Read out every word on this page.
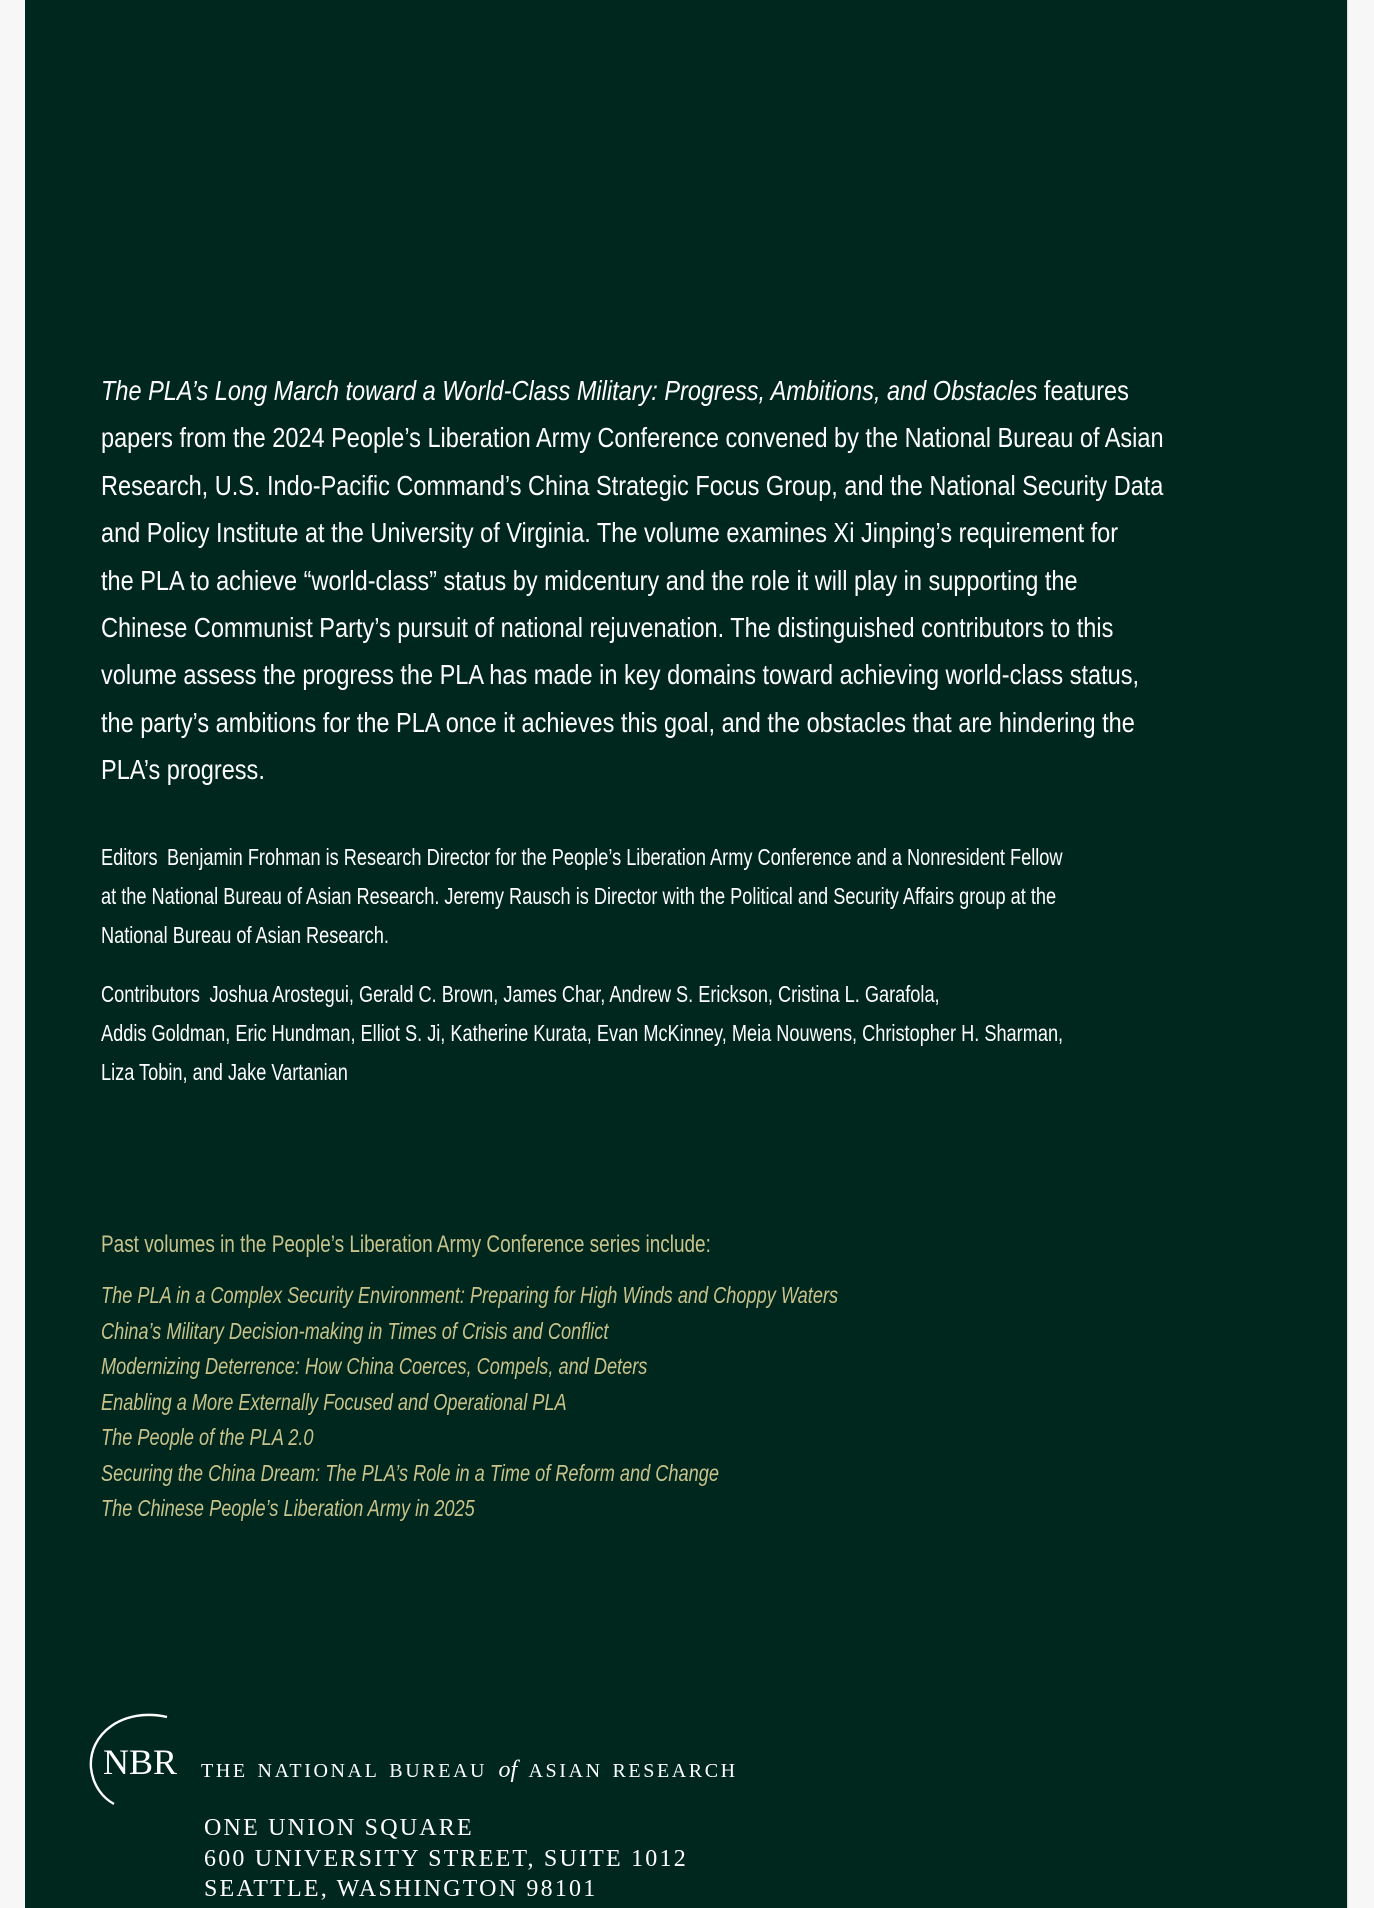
The PLA’s Long March toward a World-Class Military: Progress, Ambitions, and Obstacles features
papers from the 2024 People’s Liberation Army Conference convened by the National Bureau of Asian
Research, U.S. Indo-Pacific Command’s China Strategic Focus Group, and the National Security Data
and Policy Institute at the University of Virginia. The volume examines Xi Jinping’s requirement for
the PLA to achieve “world-class” status by midcentury and the role it will play in supporting the
Chinese Communist Party’s pursuit of national rejuvenation. The distinguished contributors to this
volume assess the progress the PLA has made in key domains toward achieving world-class status,
the party’s ambitions for the PLA once it achieves this goal, and the obstacles that are hindering the
PLA’s progress.

Editors Benjamin Frohman is Research Director for the People’s Liberation Army Conference and a Nonresident Fellow
at the National Bureau of Asian Research. Jeremy Rausch is Director with the Political and Security Affairs group at the
National Bureau of Asian Research.

Contributors Joshua Arostegui, Gerald C. Brown, James Char, Andrew S. Erickson, Cristina L. Garafola,
Addis Goldman, Eric Hundman, Elliot S. Ji, Katherine Kurata, Evan McKinney, Meia Nouwens, Christopher H. Sharman,
Liza Tobin, and Jake Vartanian

Past volumes in the People’s Liberation Army Conference series include:

The PLA in a Complex Security Environment: Preparing for High Winds and Choppy Waters
China’s Military Decision-making in Times of Crisis and Conflict
Modernizing Deterrence: How China Coerces, Compels, and Deters
Enabling a More Externally Focused and Operational PLA
The People of the PLA 2.0
Securing the China Dream: The PLA’s Role in a Time of Reform and Change
The Chinese People’s Liberation Army in 2025
NBR the national bureau of asian research

ONE UNION SQUARE
600 UNIVERSITY STREET, SUITE 1012
SEATTLE, WASHINGTON 98101
